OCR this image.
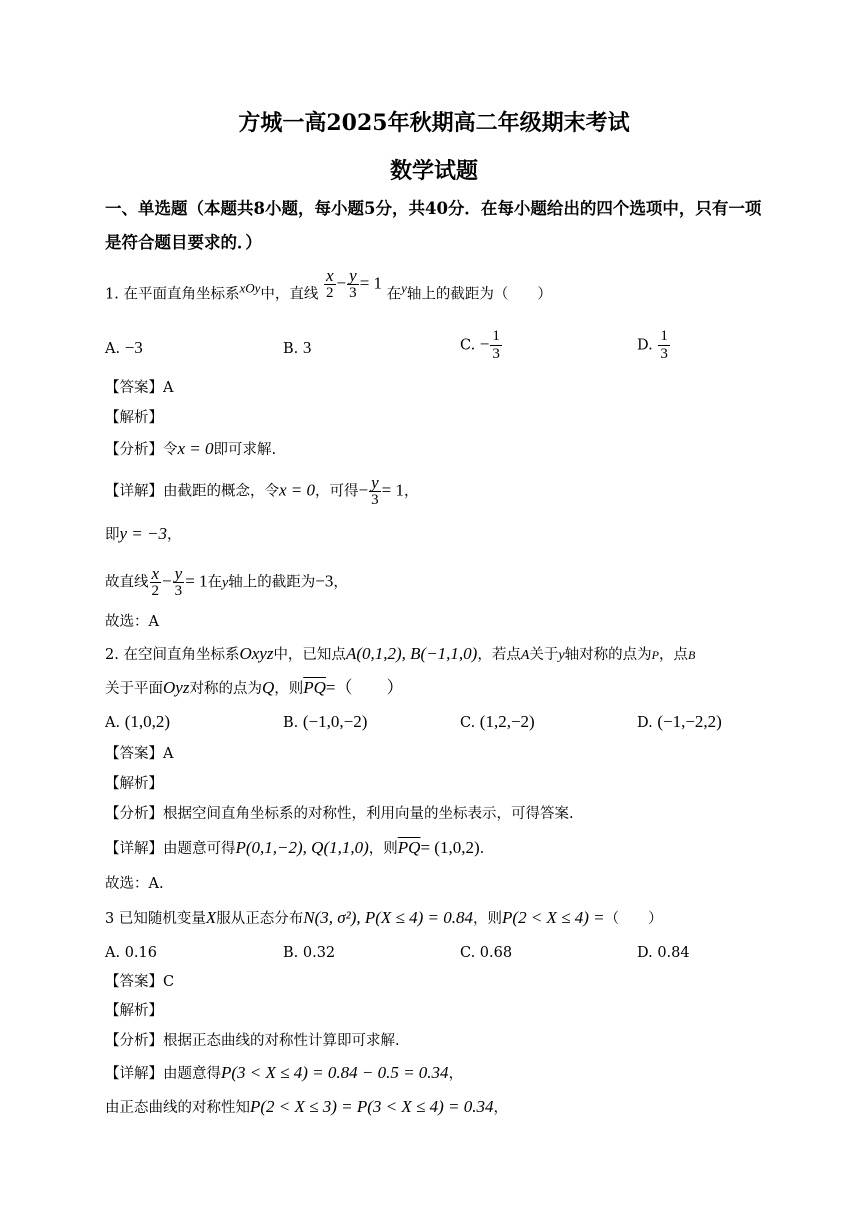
方城一高2025年秋期高二年级期末考试
数学试题
一、单选题（本题共8小题，每小题5分，共40分．在每小题给出的四个选项中，只有一项是符合题目要求的．）
1. 在平面直角坐标系$^{xOy}$中，直线 $\frac{x}{2} - \frac{y}{3} = 1$ 在$^y$轴上的截距为（　　）
A. −3	B. 3	C. − $\frac{1}{3}$	D. $\frac{1}{3}$
【答案】A
【解析】
【分析】令x = 0即可求解.
【详解】由截距的概念，令x = 0，可得− $\frac{y}{3} = 1$，
即y = −3，
故直线 $\frac{x}{2} - \frac{y}{3} = 1$在y轴上的截距为−3，
故选：A
2. 在空间直角坐标系Oxyz中，已知点A(0,1,2), B(−1,1,0)，若点A关于y轴对称的点为P，点B
关于平面Oyz对称的点为Q，则$\overline{PQ}=$（　　）
A. (1,0,2)	B. (−1,0,−2)	C. (1,2,−2)	D. (−1,−2,2)
【答案】A
【解析】
【分析】根据空间直角坐标系的对称性，利用向量的坐标表示，可得答案.
【详解】由题意可得P(0,1,−2), Q(1,1,0)，则$\overline{PQ}= (1,0,2)$.
故选：A.
3 已知随机变量X服从正态分布N(3, σ²), P(X ≤ 4) = 0.84，则P(2 < X ≤ 4) =（　　）
A. 0.16	B. 0.32	C. 0.68	D. 0.84
【答案】C
【解析】
【分析】根据正态曲线的对称性计算即可求解.
【详解】由题意得P(3 < X ≤ 4) = 0.84 − 0.5 = 0.34，
由正态曲线的对称性知P(2 < X ≤ 3) = P(3 < X ≤ 4) = 0.34，
